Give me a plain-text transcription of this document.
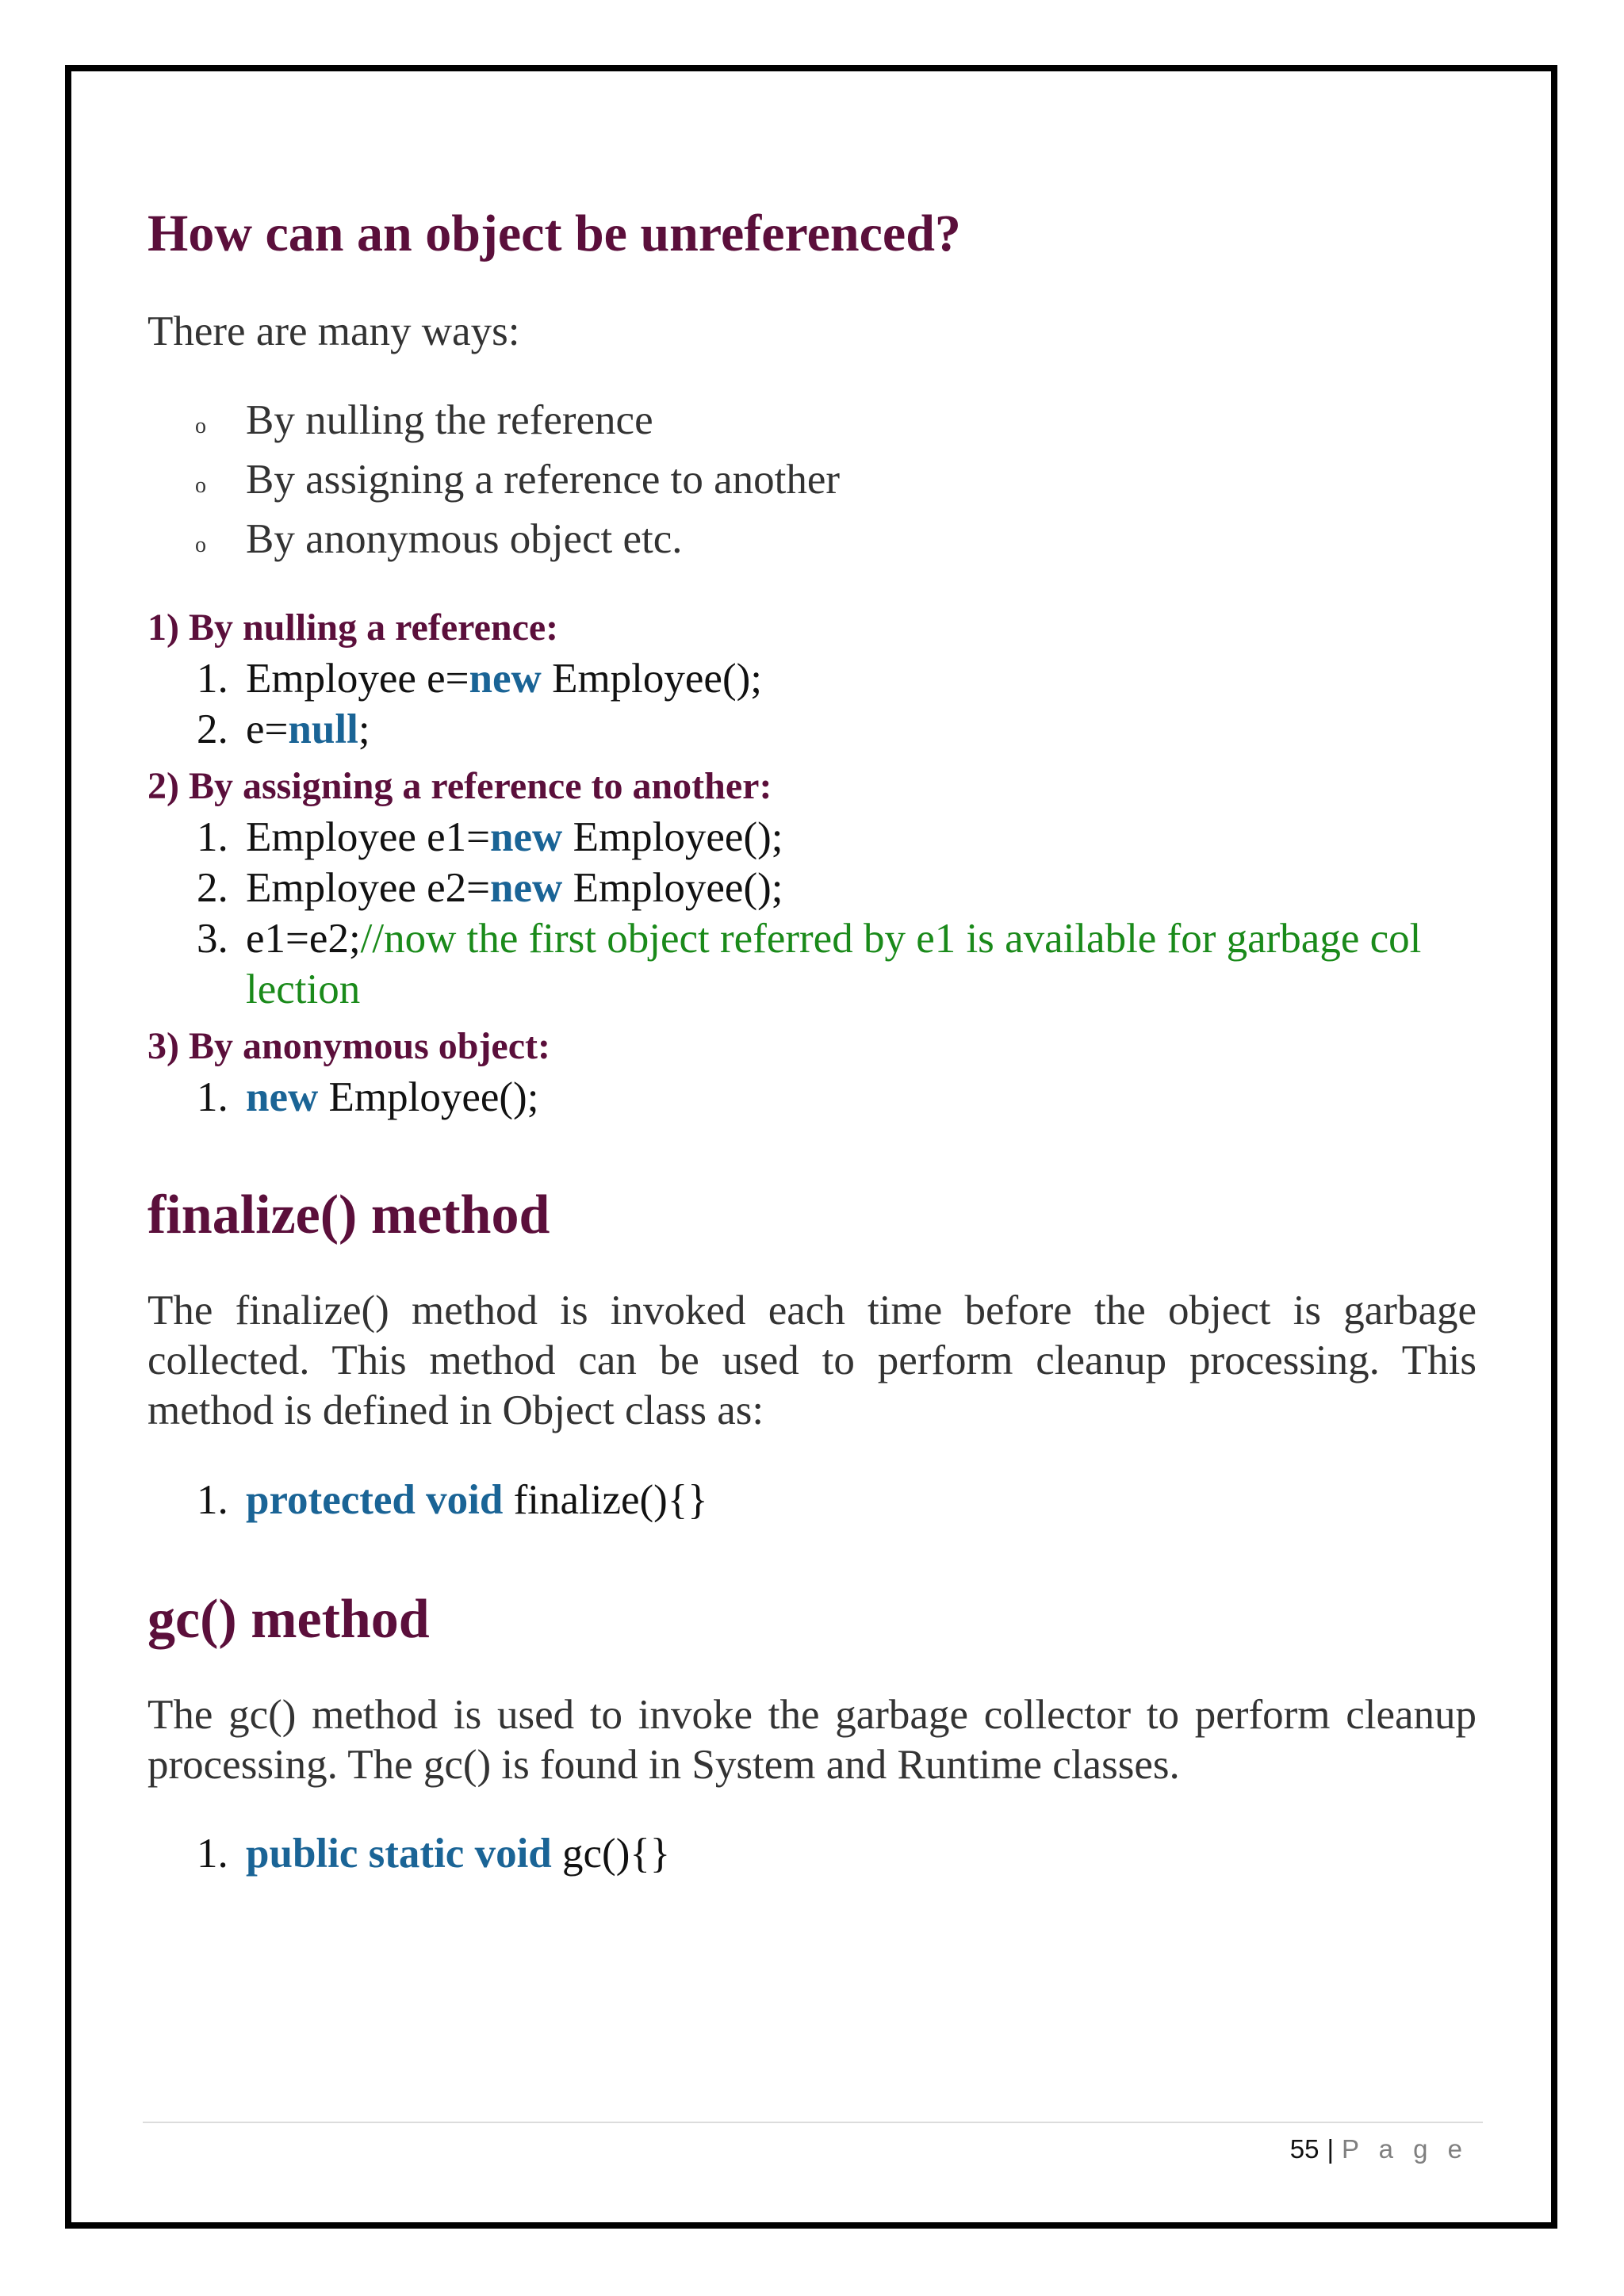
How can an object be unreferenced?
There are many ways:
o By nulling the reference
o By assigning a reference to another
o By anonymous object etc.
1) By nulling a reference:
1. Employee e=new Employee();
2. e=null;
2) By assigning a reference to another:
1. Employee e1=new Employee();
2. Employee e2=new Employee();
3. e1=e2;//now the first object referred by e1 is available for garbage col
lection
3) By anonymous object:
1. new Employee();
finalize() method
The finalize() method is invoked each time before the object is garbage
collected. This method can be used to perform cleanup processing. This
method is defined in Object class as:
1. protected void finalize(){}
gc() method
The gc() method is used to invoke the garbage collector to perform cleanup
processing. The gc() is found in System and Runtime classes.
1. public static void gc(){}
55 | P a g e
